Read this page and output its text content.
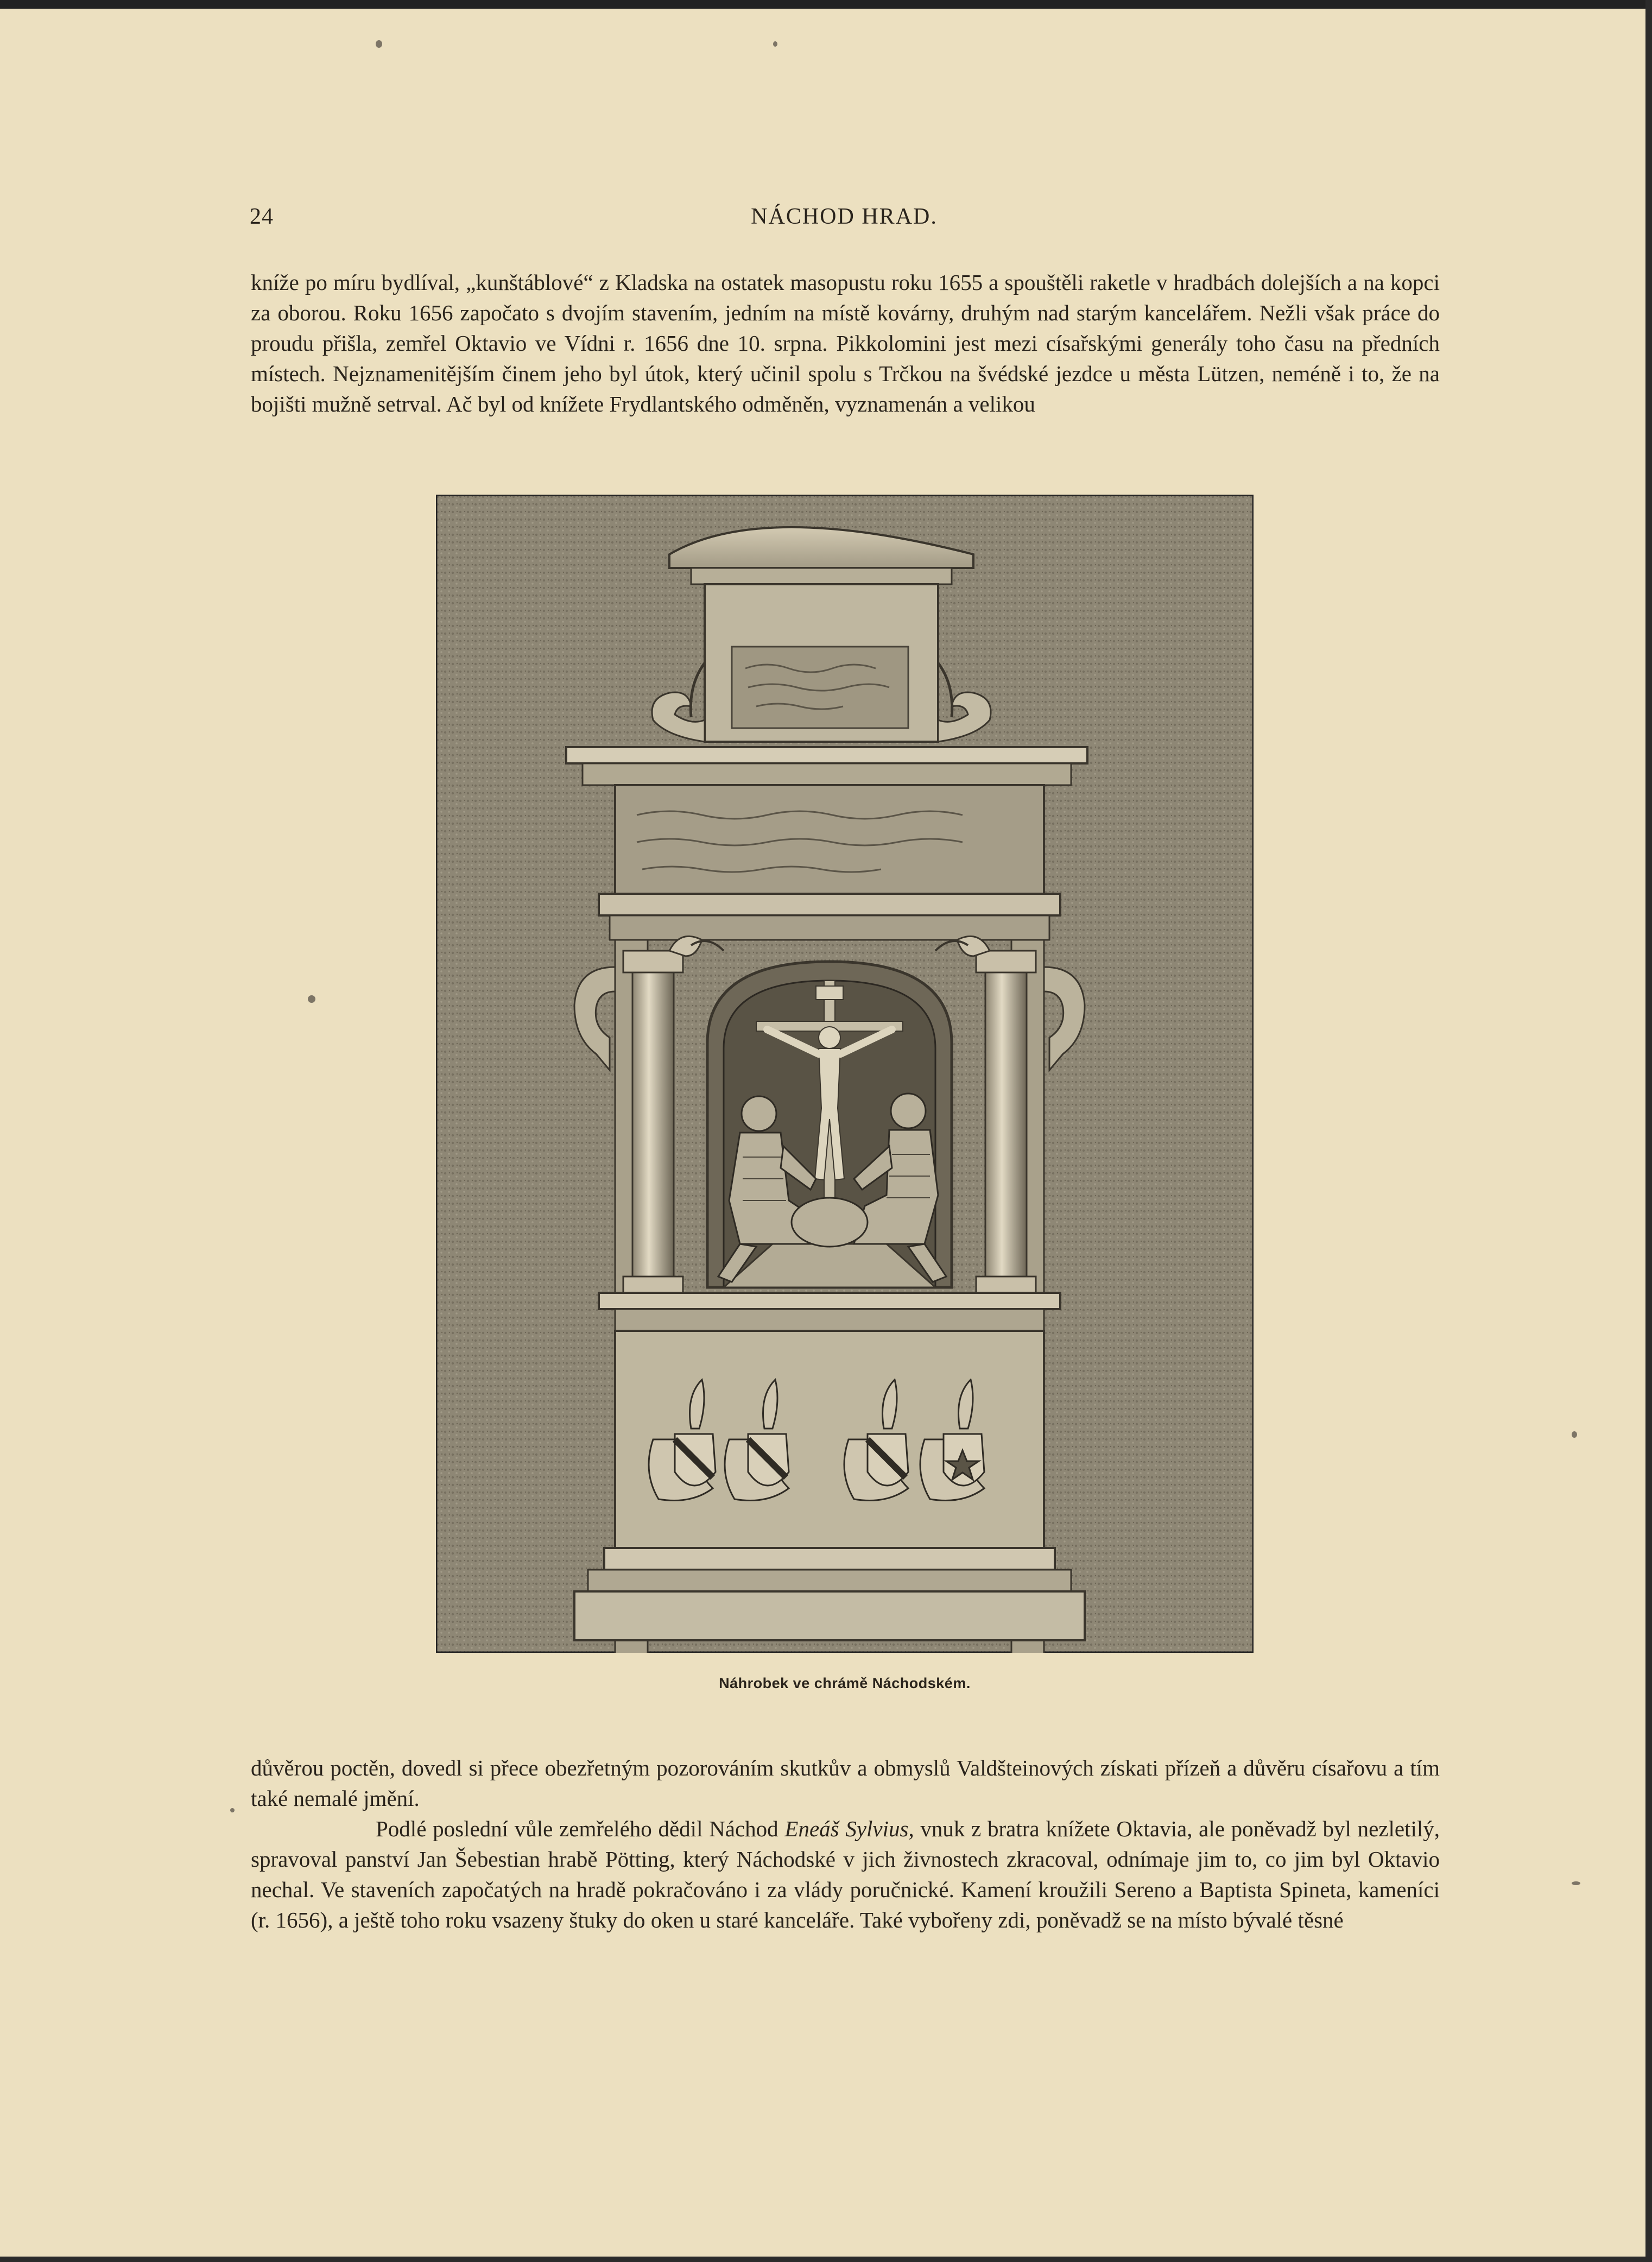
24	NÁCHOD HRAD.

kníže po míru bydlíval, „kunštáblové“ z Kladska na ostatek masopustu roku 1655 a spouštěli raketle v hradbách dolejších a na kopci za oborou. Roku 1656 započato s dvojím stavením, jedním na místě kovárny, druhým nad starým kancelářem. Nežli však práce do proudu přišla, zemřel Oktavio ve Vídni r. 1656 dne 10. srpna. Pikkolomini jest mezi císařskými generály toho času na předních místech. Nejznamenitějším činem jeho byl útok, který učinil spolu s Trčkou na švédské jezdce u města Lützen, neméně i to, že na bojišti mužně setrval. Ač byl od knížete Frydlantského odměněn, vyznamenán a velikou

Náhrobek ve chrámě Náchodském.

důvěrou poctěn, dovedl si přece obezřetným pozorováním skutkův a obmyslů Valdšteinových získati přízeň a důvěru císařovu a tím také nemalé jmění.

Podlé poslední vůle zemřelého dědil Náchod Eneáš Sylvius, vnuk z bratra knížete Oktavia, ale poněvadž byl nezletilý, spravoval panství Jan Šebestian hrabě Pötting, který Náchodské v jich živnostech zkracoval, odnímaje jim to, co jim byl Oktavio nechal. Ve staveních započatých na hradě pokračováno i za vlády poručnické. Kamení kroužili Sereno a Baptista Spineta, kameníci (r. 1656), a ještě toho roku vsazeny štuky do oken u staré kanceláře. Také vybořeny zdi, poněvadž se na místo bývalé těsné
